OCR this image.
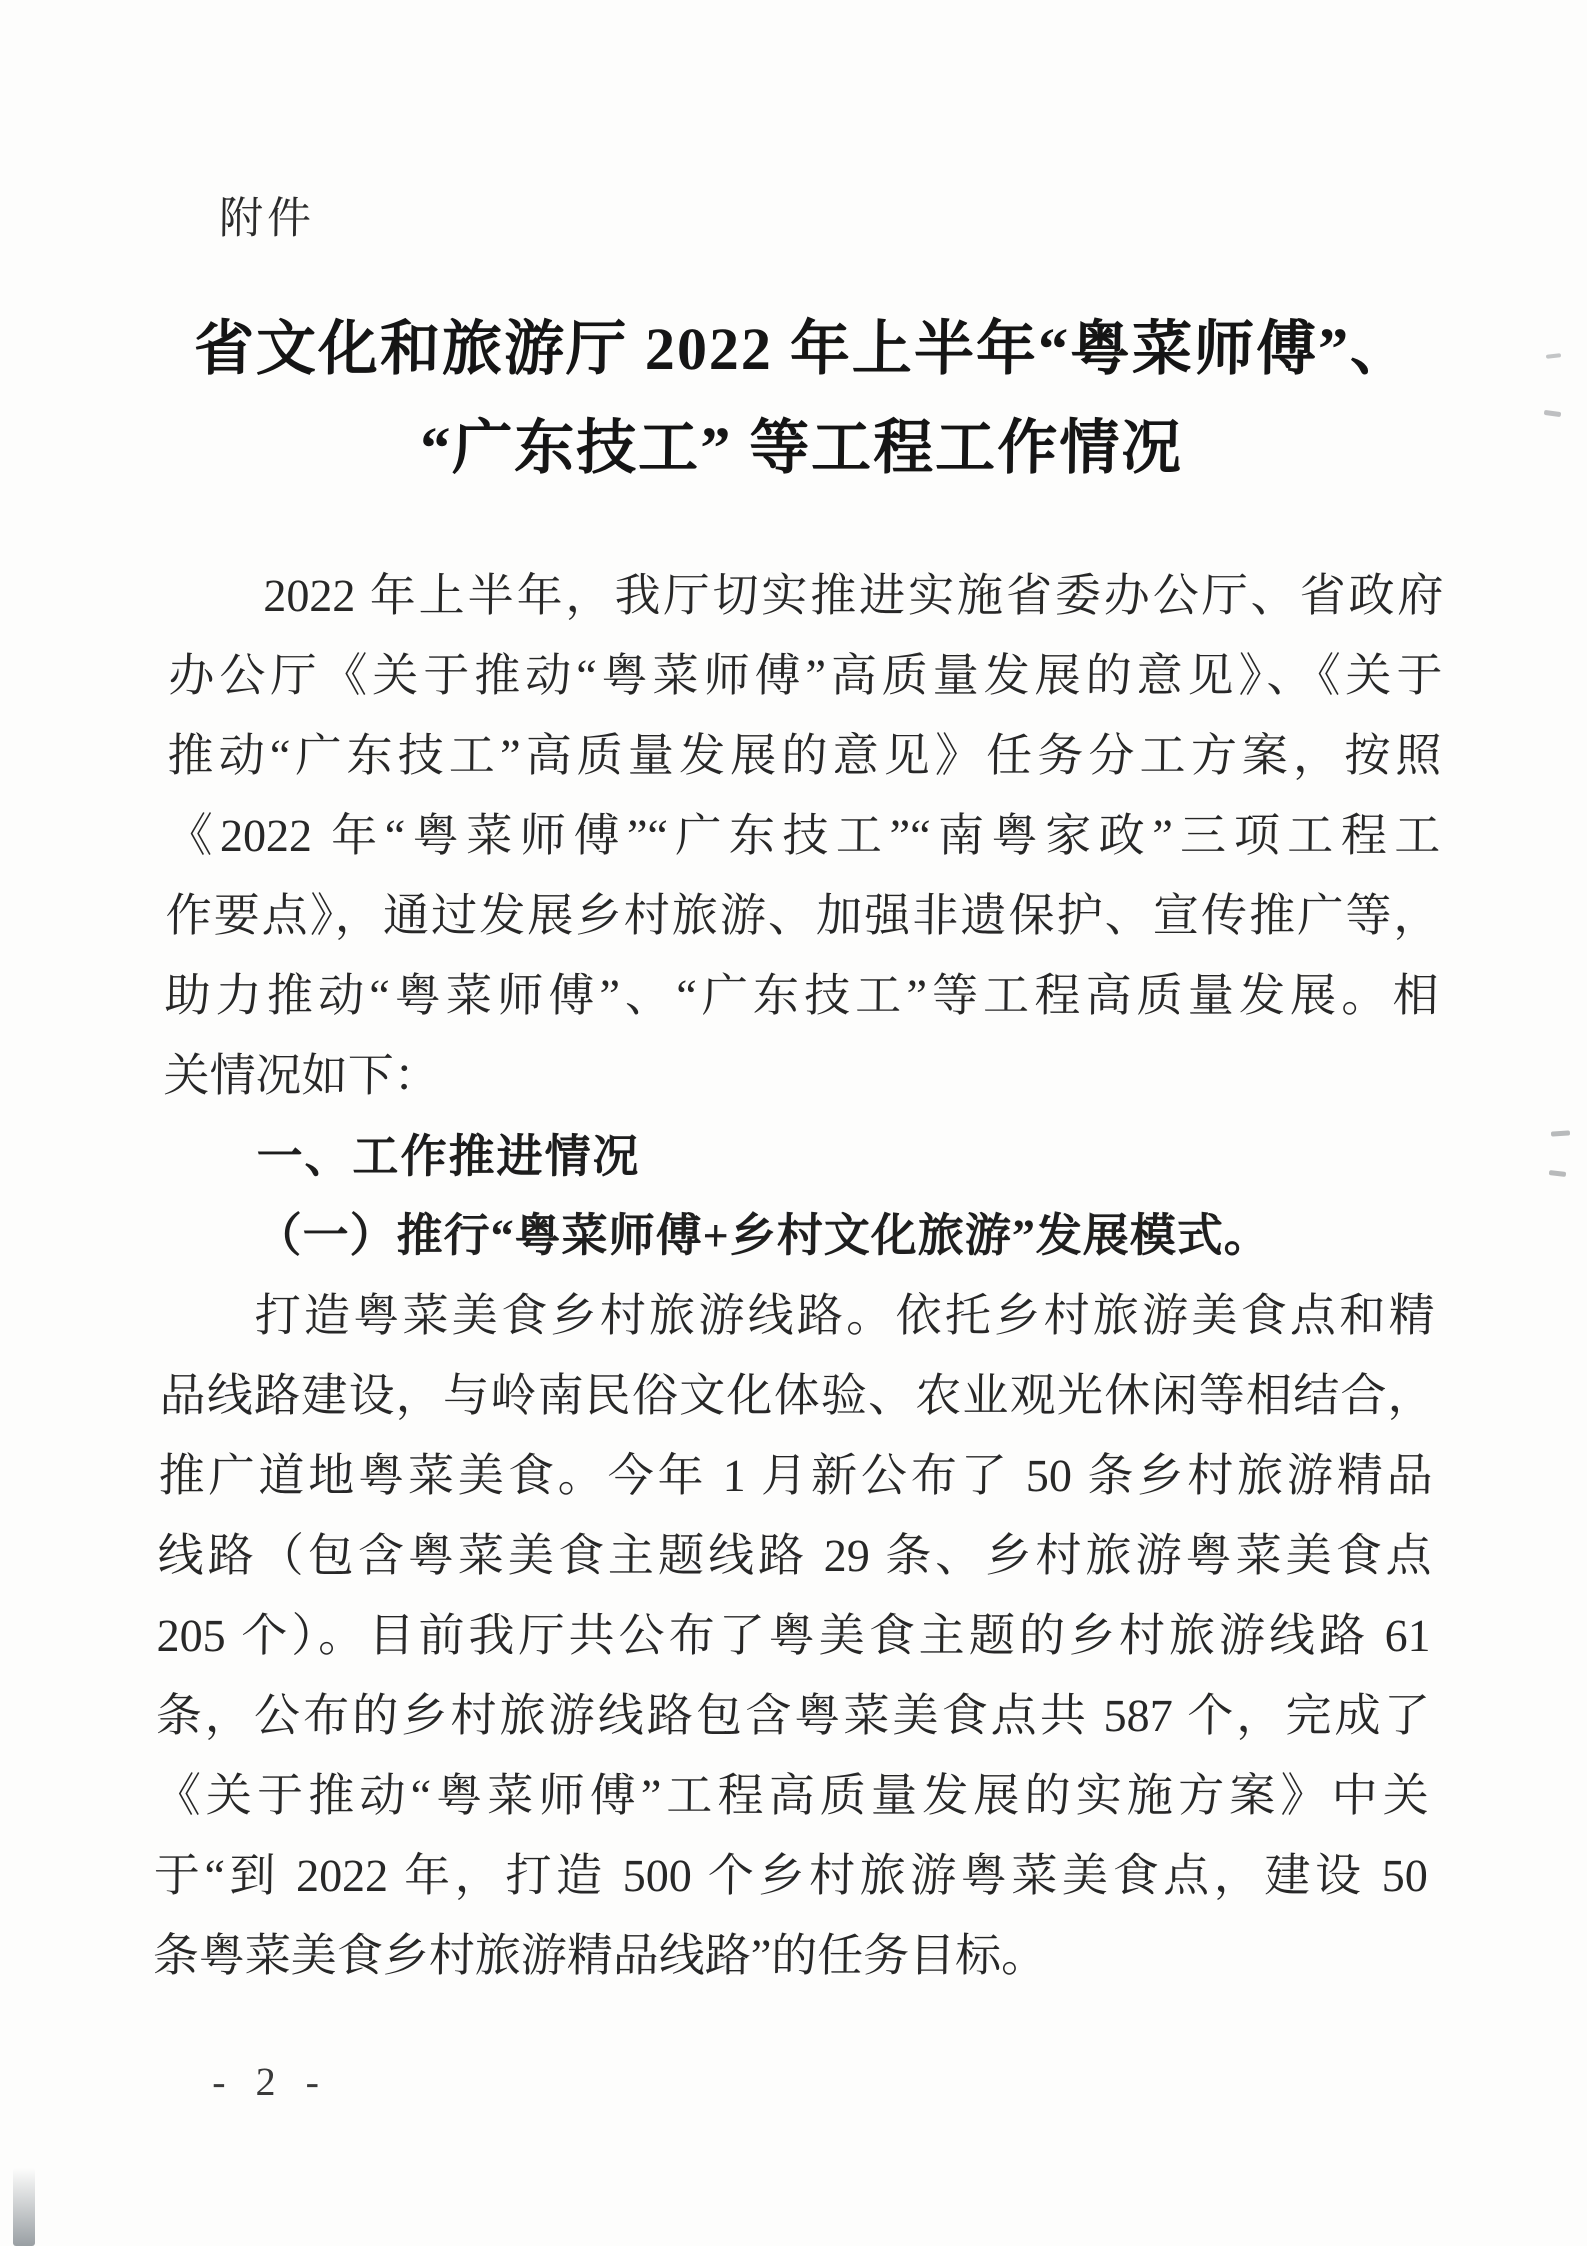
附件
省文化和旅游厅 2022 年上半年“粤菜师傅”、
“广东技工” 等工程工作情况
2022 年上半年，我厅切实推进实施省委办公厅、省政府
办公厅《关于推动“粤菜师傅”高质量发展的意见》、《关于
推动“广东技工”高质量发展的意见》任务分工方案，按照
《2022 年“粤菜师傅”“广东技工”“南粤家政”三项工程工
作要点》，通过发展乡村旅游、加强非遗保护、宣传推广等，
助力推动“粤菜师傅”、“广东技工”等工程高质量发展。相
关情况如下：
一、工作推进情况
（一）推行“粤菜师傅+乡村文化旅游”发展模式。
打造粤菜美食乡村旅游线路。依托乡村旅游美食点和精
品线路建设，与岭南民俗文化体验、农业观光休闲等相结合，
推广道地粤菜美食。今年 1 月新公布了 50 条乡村旅游精品
线路（包含粤菜美食主题线路 29 条、乡村旅游粤菜美食点
205 个）。目前我厅共公布了粤美食主题的乡村旅游线路 61
条，公布的乡村旅游线路包含粤菜美食点共 587 个，完成了
《关于推动“粤菜师傅”工程高质量发展的实施方案》中关
于“到 2022 年，打造 500 个乡村旅游粤菜美食点，建设 50
条粤菜美食乡村旅游精品线路”的任务目标。
- 2 -
